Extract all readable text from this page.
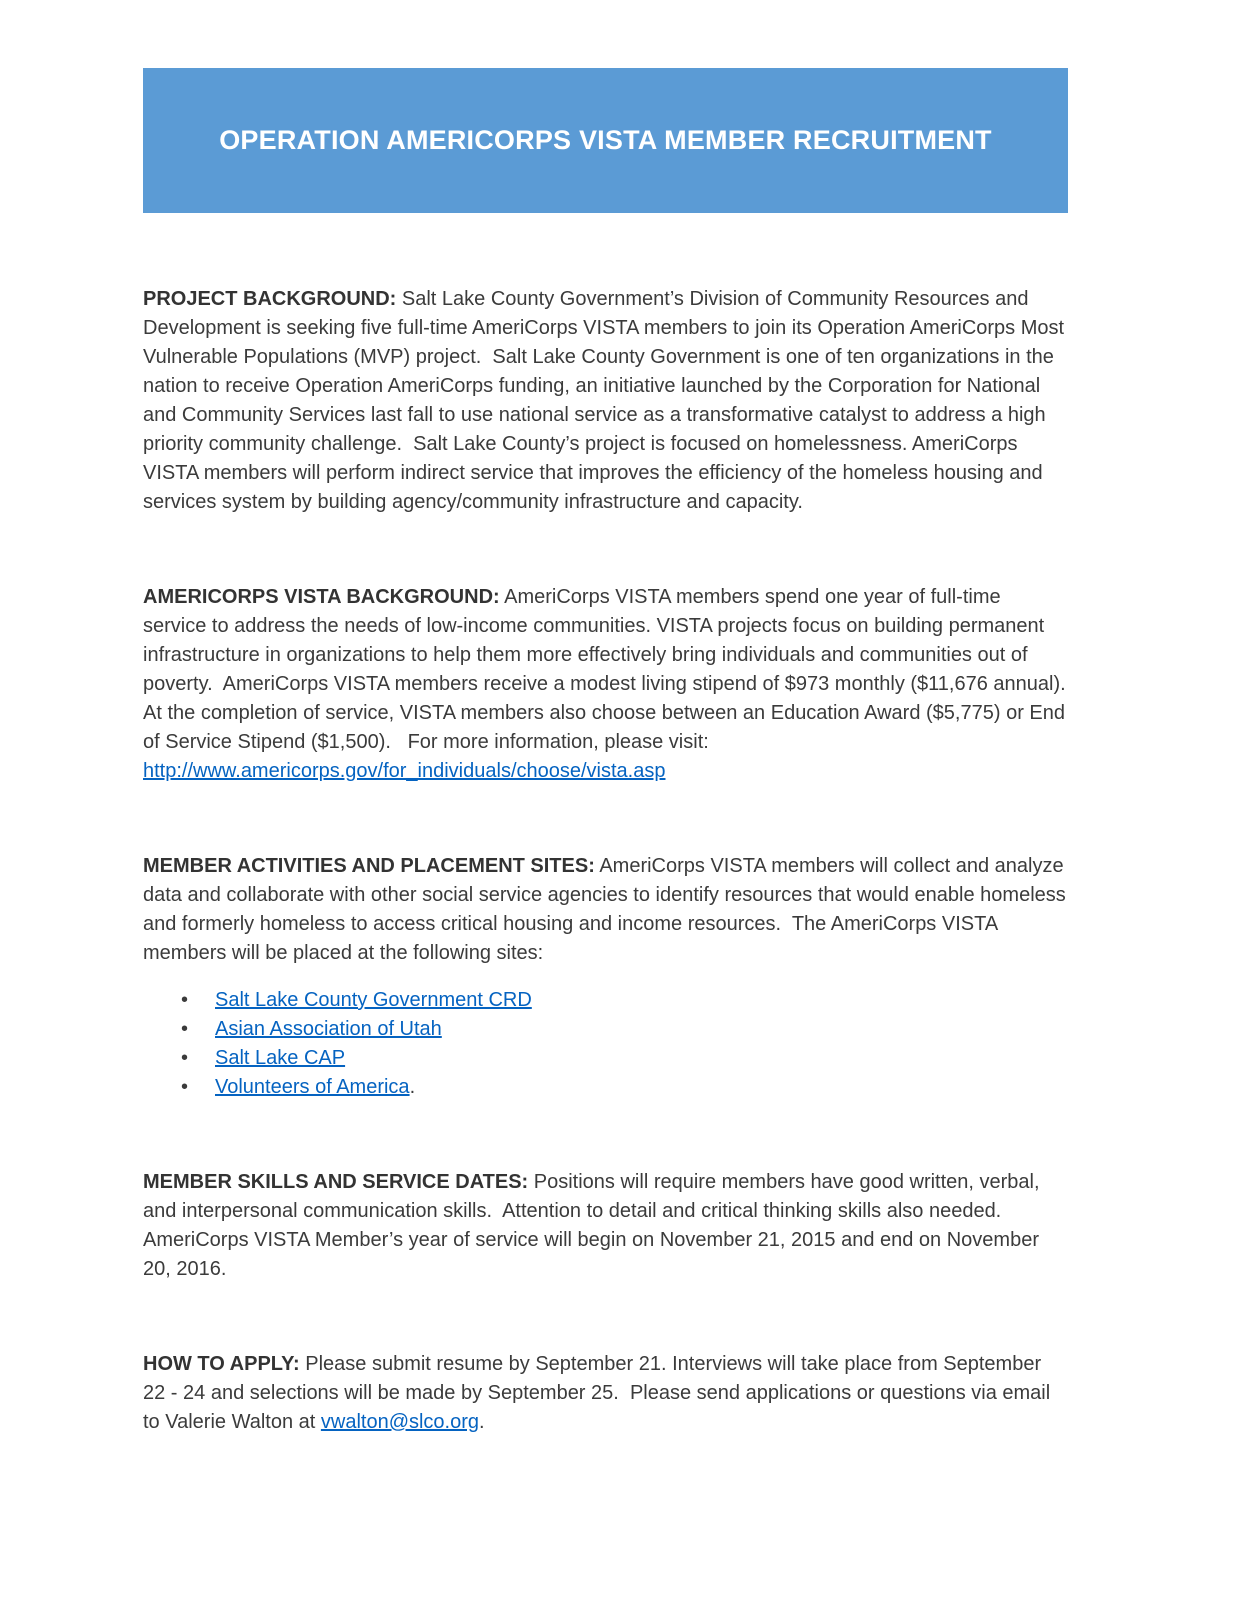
OPERATION AMERICORPS VISTA MEMBER RECRUITMENT

PROJECT BACKGROUND: Salt Lake County Government’s Division of Community Resources and Development is seeking five full-time AmeriCorps VISTA members to join its Operation AmeriCorps Most Vulnerable Populations (MVP) project.  Salt Lake County Government is one of ten organizations in the nation to receive Operation AmeriCorps funding, an initiative launched by the Corporation for National and Community Services last fall to use national service as a transformative catalyst to address a high priority community challenge.  Salt Lake County’s project is focused on homelessness. AmeriCorps VISTA members will perform indirect service that improves the efficiency of the homeless housing and services system by building agency/community infrastructure and capacity.

AMERICORPS VISTA BACKGROUND: AmeriCorps VISTA members spend one year of full-time service to address the needs of low-income communities. VISTA projects focus on building permanent infrastructure in organizations to help them more effectively bring individuals and communities out of poverty.  AmeriCorps VISTA members receive a modest living stipend of $973 monthly ($11,676 annual). At the completion of service, VISTA members also choose between an Education Award ($5,775) or End of Service Stipend ($1,500).   For more information, please visit:
http://www.americorps.gov/for_individuals/choose/vista.asp

MEMBER ACTIVITIES AND PLACEMENT SITES: AmeriCorps VISTA members will collect and analyze data and collaborate with other social service agencies to identify resources that would enable homeless and formerly homeless to access critical housing and income resources.  The AmeriCorps VISTA members will be placed at the following sites:

• Salt Lake County Government CRD
• Asian Association of Utah
• Salt Lake CAP
• Volunteers of America.

MEMBER SKILLS AND SERVICE DATES: Positions will require members have good written, verbal, and interpersonal communication skills.  Attention to detail and critical thinking skills also needed. AmeriCorps VISTA Member’s year of service will begin on November 21, 2015 and end on November 20, 2016.

HOW TO APPLY: Please submit resume by September 21. Interviews will take place from September 22 - 24 and selections will be made by September 25.  Please send applications or questions via email to Valerie Walton at vwalton@slco.org.
